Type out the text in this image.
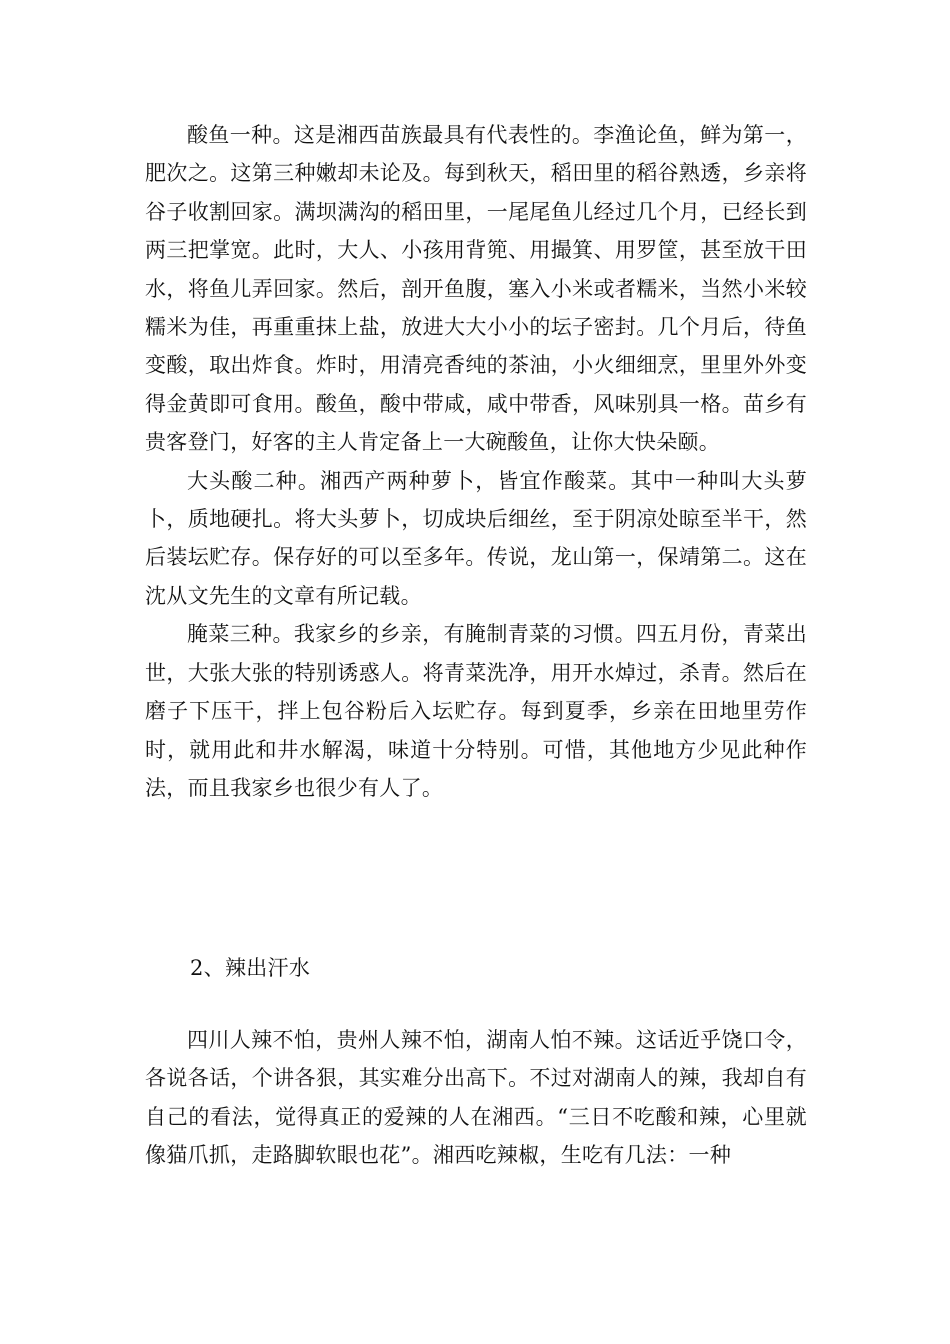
酸鱼一种。这是湘西苗族最具有代表性的。李渔论鱼，鲜为第一，肥次之。这第三种嫩却未论及。每到秋天，稻田里的稻谷熟透，乡亲将谷子收割回家。满坝满沟的稻田里，一尾尾鱼儿经过几个月，已经长到两三把掌宽。此时，大人、小孩用背篼、用撮箕、用罗筐，甚至放干田水，将鱼儿弄回家。然后，剖开鱼腹，塞入小米或者糯米，当然小米较糯米为佳，再重重抹上盐，放进大大小小的坛子密封。几个月后，待鱼变酸，取出炸食。炸时，用清亮香纯的茶油，小火细细烹，里里外外变得金黄即可食用。酸鱼，酸中带咸，咸中带香，风味别具一格。苗乡有贵客登门，好客的主人肯定备上一大碗酸鱼，让你大快朵颐。

大头酸二种。湘西产两种萝卜，皆宜作酸菜。其中一种叫大头萝卜，质地硬扎。将大头萝卜，切成块后细丝，至于阴凉处晾至半干，然后装坛贮存。保存好的可以至多年。传说，龙山第一，保靖第二。这在沈从文先生的文章有所记载。

腌菜三种。我家乡的乡亲，有腌制青菜的习惯。四五月份，青菜出世，大张大张的特别诱惑人。将青菜洗净，用开水焯过，杀青。然后在磨子下压干，拌上包谷粉后入坛贮存。每到夏季，乡亲在田地里劳作时，就用此和井水解渴，味道十分特别。可惜，其他地方少见此种作法，而且我家乡也很少有人了。

2、辣出汗水

四川人辣不怕，贵州人辣不怕，湖南人怕不辣。这话近乎饶口令，各说各话，个讲各狠，其实难分出高下。不过对湖南人的辣，我却自有自己的看法，觉得真正的爱辣的人在湘西。“三日不吃酸和辣，心里就像猫爪抓，走路脚软眼也花”。湘西吃辣椒，生吃有几法：一种
